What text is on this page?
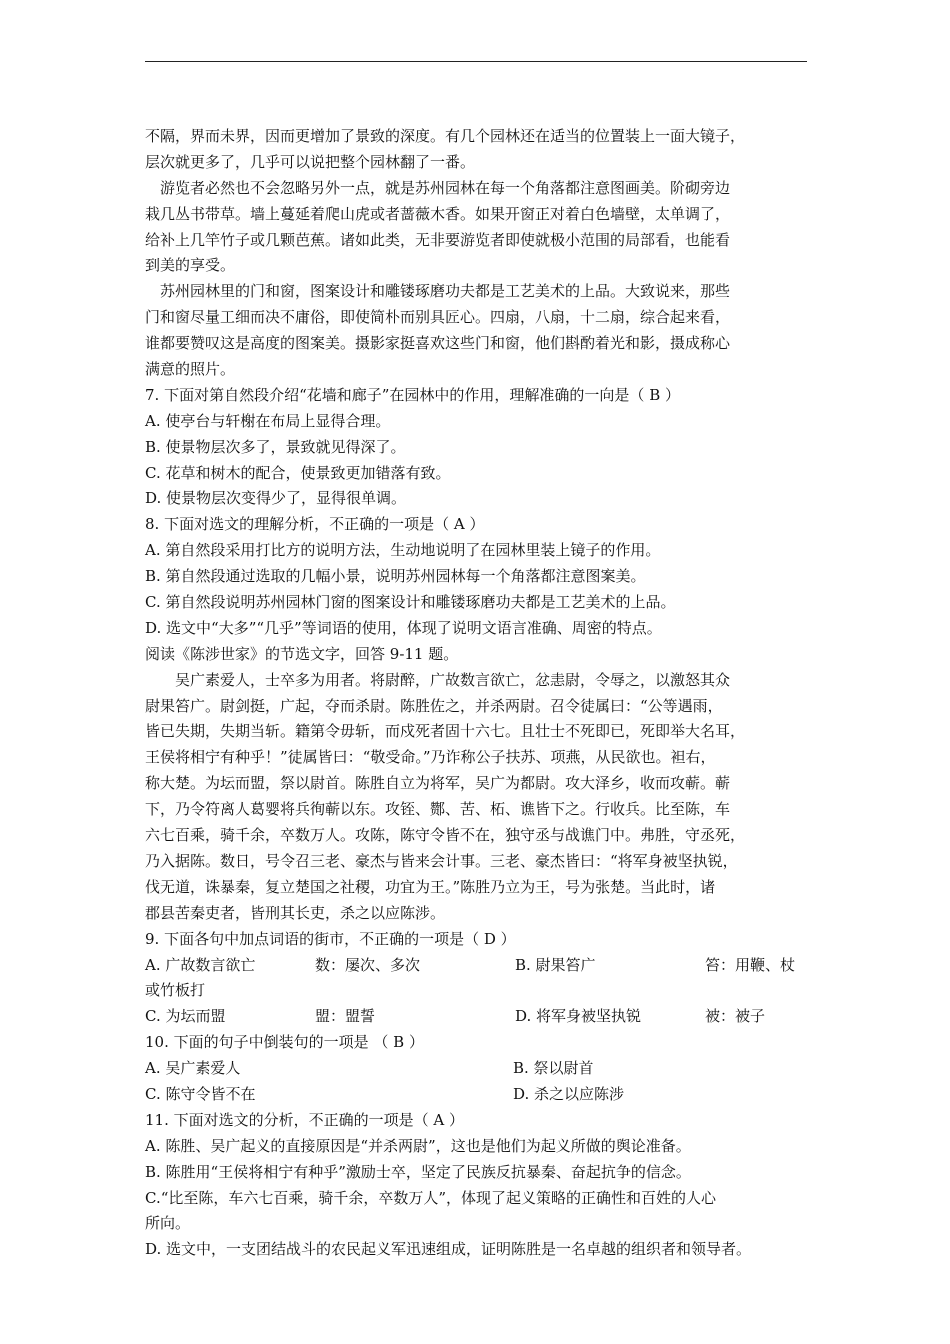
不隔，界而未界，因而更增加了景致的深度。有几个园林还在适当的位置装上一面大镜子，
层次就更多了，几乎可以说把整个园林翻了一番。
游览者必然也不会忽略另外一点，就是苏州园林在每一个角落都注意图画美。阶砌旁边
栽几丛书带草。墙上蔓延着爬山虎或者蔷薇木香。如果开窗正对着白色墙壁，太单调了，
给补上几竿竹子或几颗芭蕉。诸如此类，无非要游览者即使就极小范围的局部看，也能看
到美的享受。
苏州园林里的门和窗，图案设计和雕镂琢磨功夫都是工艺美术的上品。大致说来，那些
门和窗尽量工细而决不庸俗，即使简朴而别具匠心。四扇，八扇，十二扇，综合起来看，
谁都要赞叹这是高度的图案美。摄影家挺喜欢这些门和窗，他们斟酌着光和影，摄成称心
满意的照片。
7. 下面对第自然段介绍“花墙和廊子”在园林中的作用，理解准确的一向是（ B ）
A. 使亭台与轩榭在布局上显得合理。
B. 使景物层次多了，景致就见得深了。
C. 花草和树木的配合，使景致更加错落有致。
D. 使景物层次变得少了，显得很单调。
8. 下面对选文的理解分析，不正确的一项是（ A ）
A. 第自然段采用打比方的说明方法，生动地说明了在园林里装上镜子的作用。
B. 第自然段通过选取的几幅小景，说明苏州园林每一个角落都注意图案美。
C. 第自然段说明苏州园林门窗的图案设计和雕镂琢磨功夫都是工艺美术的上品。
D. 选文中“大多”“几乎”等词语的使用，体现了说明文语言准确、周密的特点。
阅读《陈涉世家》的节选文字，回答 9-11 题。
吴广素爱人，士卒多为用者。将尉醉，广故数言欲亡，忿恚尉，令辱之，以激怒其众
尉果笞广。尉剑挺，广起，夺而杀尉。陈胜佐之，并杀两尉。召令徒属曰：“公等遇雨，
皆已失期，失期当斩。籍第令毋斩，而戍死者固十六七。且壮士不死即已，死即举大名耳，
王侯将相宁有种乎！”徒属皆曰：“敬受命。”乃诈称公子扶苏、项燕，从民欲也。袒右，
称大楚。为坛而盟，祭以尉首。陈胜自立为将军，吴广为都尉。攻大泽乡，收而攻蕲。蕲
下，乃令符离人葛婴将兵徇蕲以东。攻铚、酂、苦、柘、谯皆下之。行收兵。比至陈，车
六七百乘，骑千余，卒数万人。攻陈，陈守令皆不在，独守丞与战谯门中。弗胜，守丞死，
乃入据陈。数日，号令召三老、豪杰与皆来会计事。三老、豪杰皆曰：“将军身被坚执锐，
伐无道，诛暴秦，复立楚国之社稷，功宜为王。”陈胜乃立为王，号为张楚。当此时，诸
郡县苦秦吏者，皆刑其长吏，杀之以应陈涉。
9. 下面各句中加点词语的街市，不正确的一项是（ D ）
A. 广故数言欲亡	数：屡次、多次	B. 尉果笞广	笞：用鞭、杖
或竹板打
C. 为坛而盟	盟：盟誓	D. 将军身被坚执锐	被：被子
10. 下面的句子中倒装句的一项是 （ B ）
A. 吴广素爱人	B. 祭以尉首
C. 陈守令皆不在	D. 杀之以应陈涉
11. 下面对选文的分析，不正确的一项是（ A ）
A. 陈胜、吴广起义的直接原因是“并杀两尉”，这也是他们为起义所做的舆论准备。
B. 陈胜用“王侯将相宁有种乎”激励士卒，坚定了民族反抗暴秦、奋起抗争的信念。
C.“比至陈，车六七百乘，骑千余，卒数万人”，体现了起义策略的正确性和百姓的人心
所向。
D. 选文中，一支团结战斗的农民起义军迅速组成，证明陈胜是一名卓越的组织者和领导者。
